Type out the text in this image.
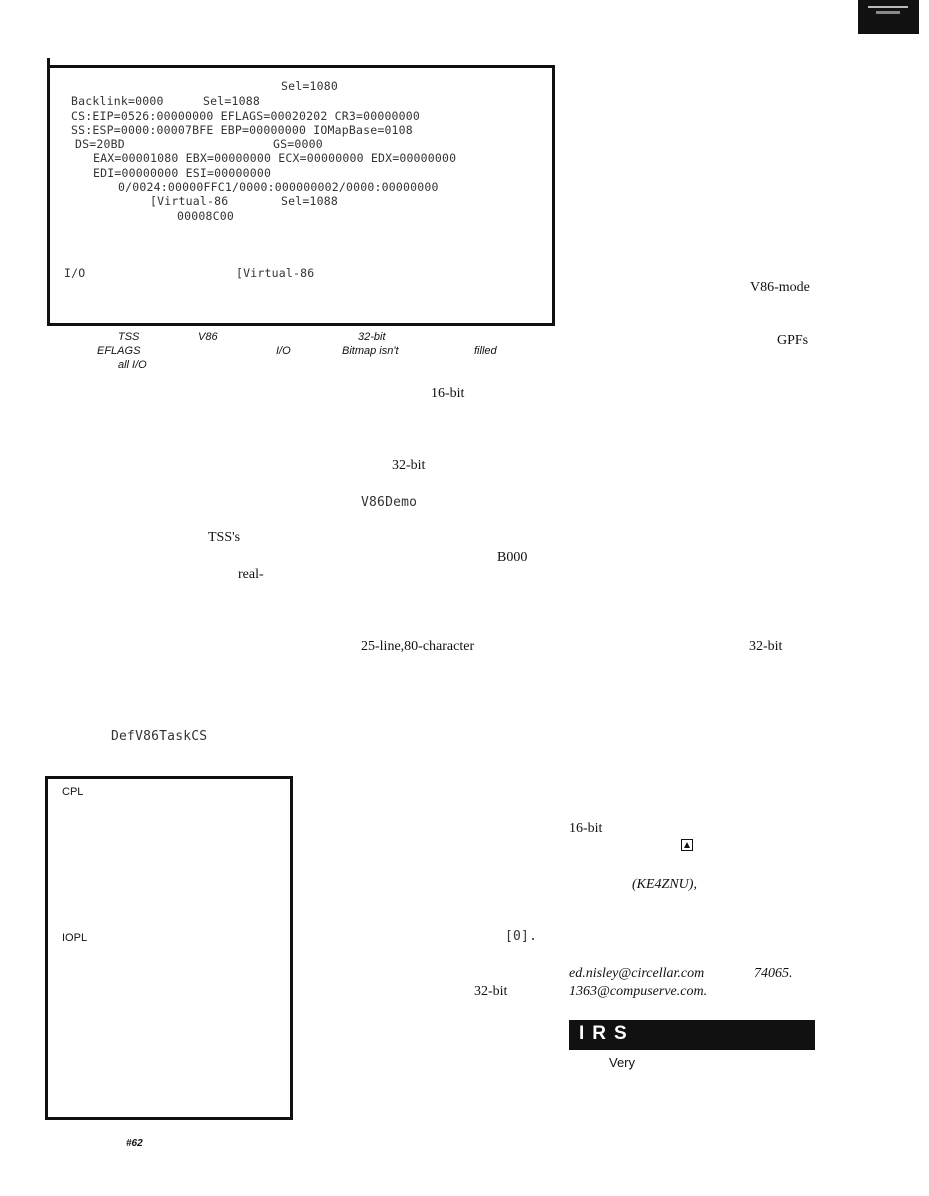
Sel=1080
Backlink=0000	Sel=1088
CS:EIP=0526:00000000 EFLAGS=00020202 CR3=00000000
SS:ESP=0000:00007BFE EBP=00000000 IOMapBase=0108
DS=20BD	GS=0000
EAX=00001080 EBX=00000000 ECX=00000000 EDX=00000000
EDI=00000000 ESI=00000000
0/0024:00000FFC1/0000:000000002/0000:00000000
[Virtual-86	Sel=1088
00008C00
I/O	[Virtual-86
TSS	V86	32-bit
EFLAGS	I/O	Bitmap isn't	filled
all I/O
16-bit
32-bit
V86Demo
TSS's
B000
real-
25-line,80-character	32-bit
DefV86TaskCS
V86-mode
GPFs
CPL
IOPL
16-bit
(KE4ZNU),
[0].
ed.nisley@circellar.com	74065.
32-bit	1363@compuserve.com.
IRS
Very
#62
